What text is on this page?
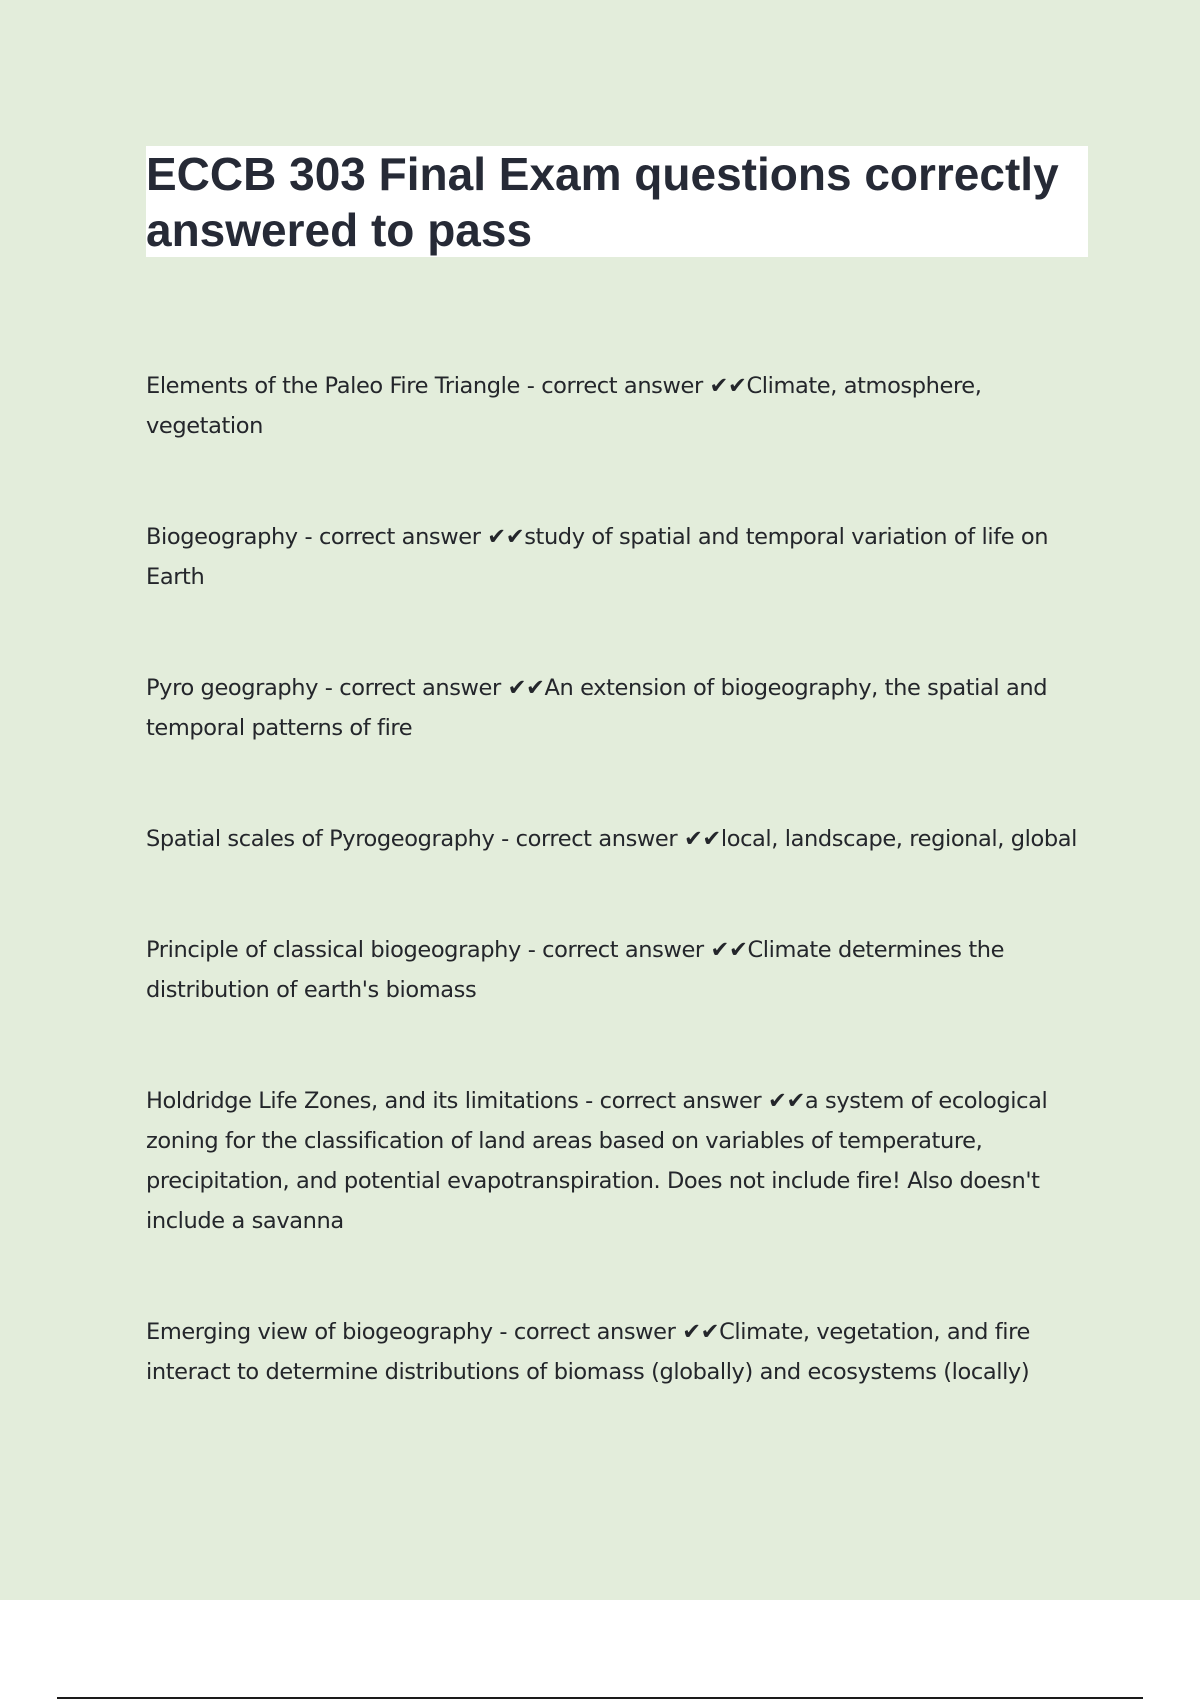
ECCB 303 Final Exam questions correctly answered to pass

Elements of the Paleo Fire Triangle - correct answer ✔✔Climate, atmosphere, vegetation

Biogeography - correct answer ✔✔study of spatial and temporal variation of life on Earth

Pyro geography - correct answer ✔✔An extension of biogeography, the spatial and temporal patterns of fire

Spatial scales of Pyrogeography - correct answer ✔✔local, landscape, regional, global

Principle of classical biogeography - correct answer ✔✔Climate determines the distribution of earth's biomass

Holdridge Life Zones, and its limitations - correct answer ✔✔a system of ecological zoning for the classification of land areas based on variables of temperature, precipitation, and potential evapotranspiration. Does not include fire! Also doesn't include a savanna

Emerging view of biogeography - correct answer ✔✔Climate, vegetation, and fire interact to determine distributions of biomass (globally) and ecosystems (locally)
